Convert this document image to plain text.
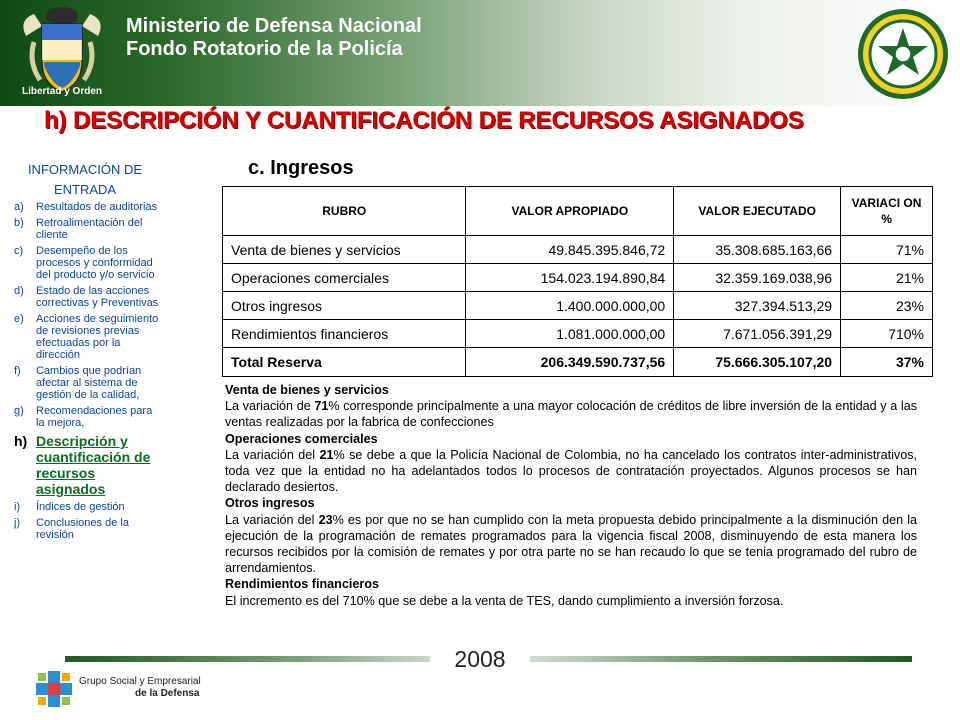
Libertad y Orden
Ministerio de Defensa Nacional
Fondo Rotatorio de la Policía
h) DESCRIPCIÓN Y CUANTIFICACIÓN DE RECURSOS ASIGNADOS
INFORMACIÓN DE ENTRADA
a)	Resultados de auditorias
b)	Retroalimentación del cliente
c)	Desempeño de los procesos y conformidad del producto y/o servicio
d)	Estado de las acciones correctivas y Preventivas
e)	Acciones de seguimiento de revisiones previas efectuadas por la dirección
f)	Cambios que podrían afectar al sistema de gestión de la calidad,
g)	Recomendaciones para la mejora,
h) Descripción y cuantificación de recursos asignados
i)	Índices de gestión
j)	Conclusiones de la revisión
c. Ingresos
RUBRO	VALOR APROPIADO	VALOR EJECUTADO	VARIACI ON %
Venta de bienes y servicios	49.845.395.846,72	35.308.685.163,66	71%
Operaciones comerciales	154.023.194.890,84	32.359.169.038,96	21%
Otros ingresos	1.400.000.000,00	327.394.513,29	23%
Rendimientos financieros	1.081.000.000,00	7.671.056.391,29	710%
Total Reserva	206.349.590.737,56	75.666.305.107,20	37%

Venta de bienes y servicios

La variación de 71% corresponde principalmente a una mayor colocación de créditos de libre inversión de la entidad y a las ventas realizadas por la fabrica de confecciones

Operaciones comerciales

La variación del 21% se debe a que la Policía Nacional de Colombia, no ha cancelado los contratos inter-administrativos, toda vez que la entidad no ha adelantados todos lo procesos de contratación proyectados. Algunos procesos se han declarado desiertos.

Otros ingresos

La variación del 23% es por que no se han cumplido con la meta propuesta debido principalmente a la disminución den la ejecución de la programación de remates programados para la vigencia fiscal 2008, disminuyendo de esta manera los recursos recibidos por la comisión de remates y por otra parte no se han recaudo lo que se tenia programado del rubro de arrendamientos.

Rendimientos financieros

El incremento es del 710% que se debe a la venta de TES, dando cumplimiento a inversión forzosa.

2008
Grupo Social y Empresarial
de la Defensa
